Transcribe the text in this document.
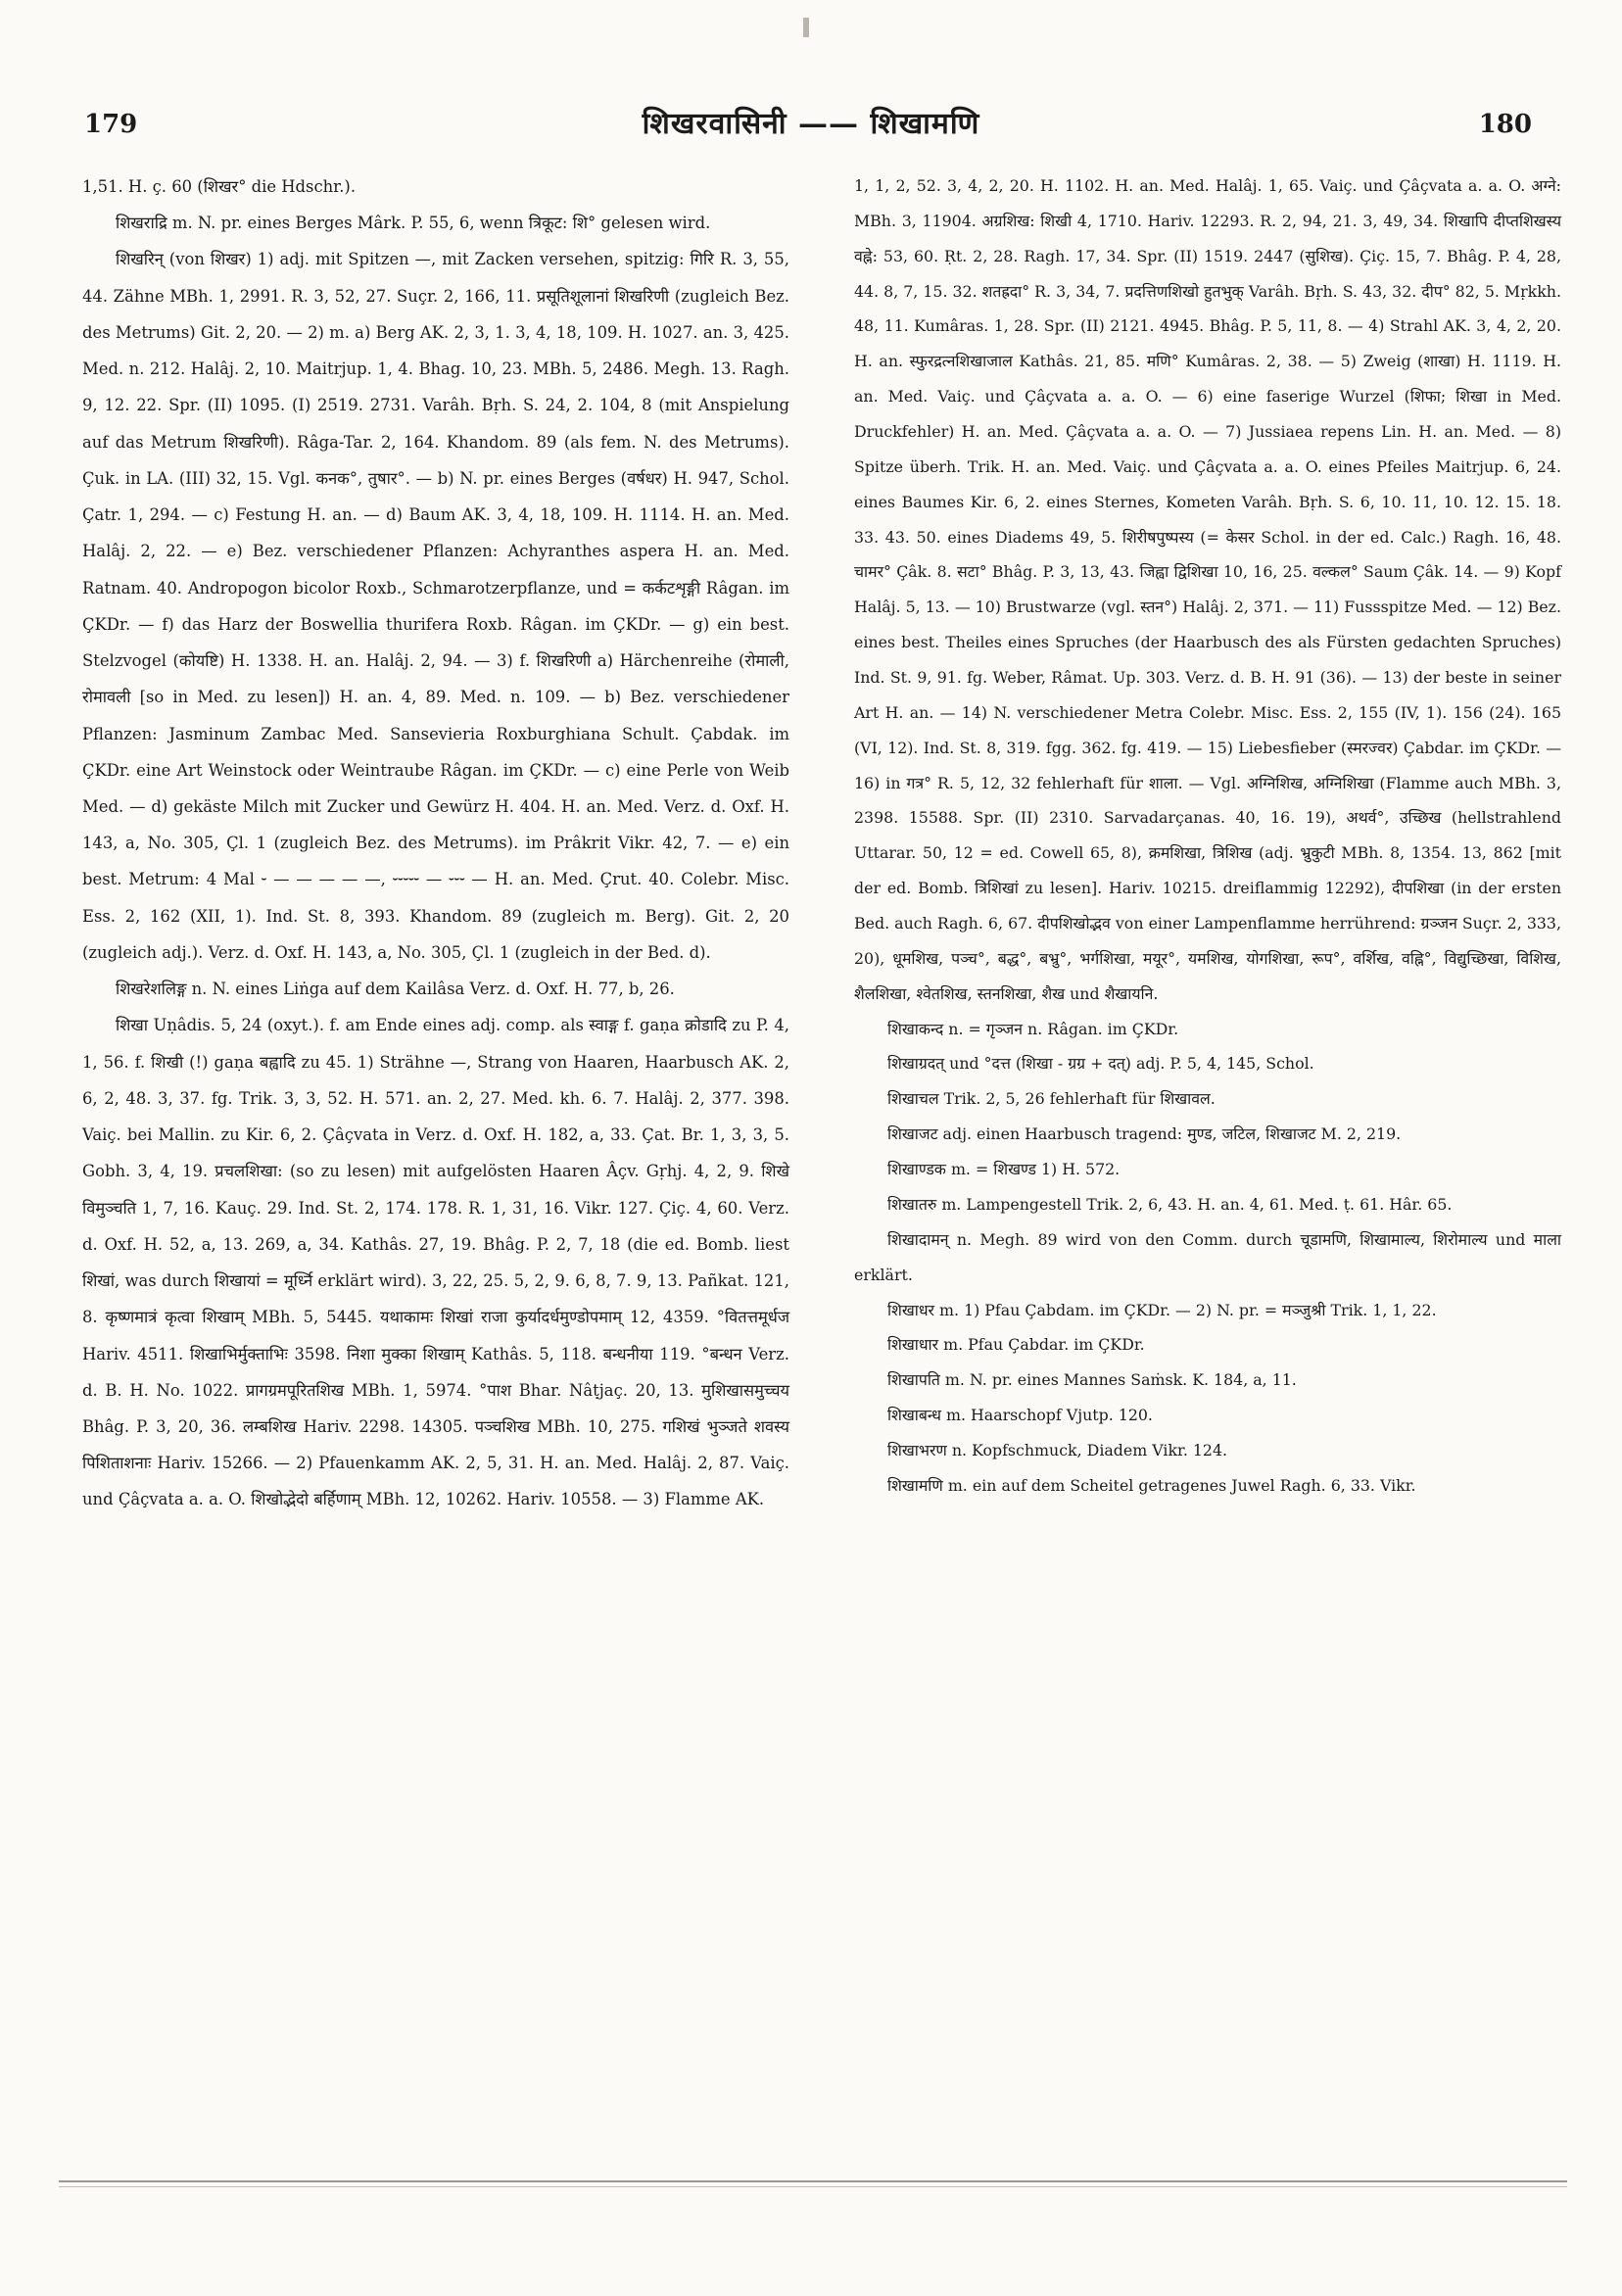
179	शिखरवासिनी —— शिखामणि	180

1,51. H. ç. 60 (शिखर° die Hdschr.).

शिखराद्रि m. N. pr. eines Berges Mârk. P. 55, 6, wenn त्रिकूट: शि° gelesen wird.

शिखरिन् (von शिखर) 1) adj. mit Spitzen —, mit Zacken versehen, spitzig: गिरि R. 3, 55, 44. Zähne MBh. 1, 2991. R. 3, 52, 27. Suçr. 2, 166, 11. प्रसूतिशूलानां शिखरिणी (zugleich Bez. des Metrums) Git. 2, 20. — 2) m. a) Berg AK. 2, 3, 1. 3, 4, 18, 109. H. 1027. an. 3, 425. Med. n. 212. Halâj. 2, 10. Maitrjup. 1, 4. Bhag. 10, 23. MBh. 5, 2486. Megh. 13. Ragh. 9, 12. 22. Spr. (II) 1095. (I) 2519. 2731. Varâh. Bṛh. S. 24, 2. 104, 8 (mit Anspielung auf das Metrum शिखरिणी). Râga-Tar. 2, 164. Khandom. 89 (als fem. N. des Metrums). Çuk. in LA. (III) 32, 15. Vgl. कनक°, तुषार°. — b) N. pr. eines Berges (वर्षधर) H. 947, Schol. Çatr. 1, 294. — c) Festung H. an. — d) Baum AK. 3, 4, 18, 109. H. 1114. H. an. Med. Halâj. 2, 22. — e) Bez. verschiedener Pflanzen: Achyranthes aspera H. an. Med. Ratnam. 40. Andropogon bicolor Roxb., Schmarotzerpflanze, und = कर्कटशृङ्गी Râgan. im ÇKDr. — f) das Harz der Boswellia thurifera Roxb. Râgan. im ÇKDr. — g) ein best. Stelzvogel (कोयष्टि) H. 1338. H. an. Halâj. 2, 94. — 3) f. शिखरिणी a) Härchenreihe (रोमाली, रोमावली [so in Med. zu lesen]) H. an. 4, 89. Med. n. 109. — b) Bez. verschiedener Pflanzen: Jasminum Zambac Med. Sansevieria Roxburghiana Schult. Çabdak. im ÇKDr. eine Art Weinstock oder Weintraube Râgan. im ÇKDr. — c) eine Perle von Weib Med. — d) gekäste Milch mit Zucker und Gewürz H. 404. H. an. Med. Verz. d. Oxf. H. 143, a, No. 305, Çl. 1 (zugleich Bez. des Metrums). im Prâkrit Vikr. 42, 7. — e) ein best. Metrum: 4 Mal ⏑ — — — — —, ⏑⏑⏑⏑⏑ — ⏑⏑⏑ — H. an. Med. Çrut. 40. Colebr. Misc. Ess. 2, 162 (XII, 1). Ind. St. 8, 393. Khandom. 89 (zugleich m. Berg). Git. 2, 20 (zugleich adj.). Verz. d. Oxf. H. 143, a, No. 305, Çl. 1 (zugleich in der Bed. d).

शिखरेशलिङ्ग n. N. eines Liṅga auf dem Kailâsa Verz. d. Oxf. H. 77, b, 26.

शिखा Uṇâdis. 5, 24 (oxyt.). f. am Ende eines adj. comp. als स्वाङ्ग f. gaṇa क्रोडादि zu P. 4, 1, 56. f. शिखी (!) gaṇa बह्वादि zu 45. 1) Strähne —, Strang von Haaren, Haarbusch AK. 2, 6, 2, 48. 3, 37. fg. Trik. 3, 3, 52. H. 571. an. 2, 27. Med. kh. 6. 7. Halâj. 2, 377. 398. Vaiç. bei Mallin. zu Kir. 6, 2. Çâçvata in Verz. d. Oxf. H. 182, a, 33. Çat. Br. 1, 3, 3, 5. Gobh. 3, 4, 19. प्रचलशिखा: (so zu lesen) mit aufgelösten Haaren Âçv. Gṛhj. 4, 2, 9. शिखे विमुञ्चति 1, 7, 16. Kauç. 29. Ind. St. 2, 174. 178. R. 1, 31, 16. Vikr. 127. Çiç. 4, 60. Verz. d. Oxf. H. 52, a, 13. 269, a, 34. Kathâs. 27, 19. Bhâg. P. 2, 7, 18 (die ed. Bomb. liest शिखां, was durch शिखायां = मूर्ध्नि erklärt wird). 3, 22, 25. 5, 2, 9. 6, 8, 7. 9, 13. Pañkat. 121, 8. कृष्णमात्रं कृत्वा शिखाम् MBh. 5, 5445. यथाकामः शिखां राजा कुर्यादर्धमुण्डोपमाम् 12, 4359. °वितत्तमूर्धज Hariv. 4511. शिखाभिर्मुक्ताभिः 3598. निशा मुक्का शिखाम् Kathâs. 5, 118. बन्धनीया 119. °बन्धन Verz. d. B. H. No. 1022. प्रागग्रमपूरितशिख MBh. 1, 5974. °पाश Bhar. Nâṭjaç. 20, 13. मुशिखासमुच्चय Bhâg. P. 3, 20, 36. लम्बशिख Hariv. 2298. 14305. पञ्चशिख MBh. 10, 275. गशिखं भुञ्जते शवस्य पिशिताशनाः Hariv. 15266. — 2) Pfauenkamm AK. 2, 5, 31. H. an. Med. Halâj. 2, 87. Vaiç. und Çâçvata a. a. O. शिखोद्भेदो बर्हिणाम् MBh. 12, 10262. Hariv. 10558. — 3) Flamme AK.

1, 1, 2, 52. 3, 4, 2, 20. H. 1102. H. an. Med. Halâj. 1, 65. Vaiç. und Çâçvata a. a. O. अग्ने: MBh. 3, 11904. अग्रशिख: शिखी 4, 1710. Hariv. 12293. R. 2, 94, 21. 3, 49, 34. शिखापि दीप्तशिखस्य वह्ने: 53, 60. Ṛt. 2, 28. Ragh. 17, 34. Spr. (II) 1519. 2447 (सुशिख). Çiç. 15, 7. Bhâg. P. 4, 28, 44. 8, 7, 15. 32. शतह्रदा° R. 3, 34, 7. प्रदत्तिणशिखो हुतभुक् Varâh. Bṛh. S. 43, 32. दीप° 82, 5. Mṛkkh. 48, 11. Kumâras. 1, 28. Spr. (II) 2121. 4945. Bhâg. P. 5, 11, 8. — 4) Strahl AK. 3, 4, 2, 20. H. an. स्फुरद्रत्नशिखाजाल Kathâs. 21, 85. मणि° Kumâras. 2, 38. — 5) Zweig (शाखा) H. 1119. H. an. Med. Vaiç. und Çâçvata a. a. O. — 6) eine faserige Wurzel (शिफा; शिखा in Med. Druckfehler) H. an. Med. Çâçvata a. a. O. — 7) Jussiaea repens Lin. H. an. Med. — 8) Spitze überh. Trik. H. an. Med. Vaiç. und Çâçvata a. a. O. eines Pfeiles Maitrjup. 6, 24. eines Baumes Kir. 6, 2. eines Sternes, Kometen Varâh. Bṛh. S. 6, 10. 11, 10. 12. 15. 18. 33. 43. 50. eines Diadems 49, 5. शिरीषपुष्पस्य (= केसर Schol. in der ed. Calc.) Ragh. 16, 48. चामर° Çâk. 8. सटा° Bhâg. P. 3, 13, 43. जिह्वा द्विशिखा 10, 16, 25. वल्कल° Saum Çâk. 14. — 9) Kopf Halâj. 5, 13. — 10) Brustwarze (vgl. स्तन°) Halâj. 2, 371. — 11) Fussspitze Med. — 12) Bez. eines best. Theiles eines Spruches (der Haarbusch des als Fürsten gedachten Spruches) Ind. St. 9, 91. fg. Weber, Râmat. Up. 303. Verz. d. B. H. 91 (36). — 13) der beste in seiner Art H. an. — 14) N. verschiedener Metra Colebr. Misc. Ess. 2, 155 (IV, 1). 156 (24). 165 (VI, 12). Ind. St. 8, 319. fgg. 362. fg. 419. — 15) Liebesfieber (स्मरज्वर) Çabdar. im ÇKDr. — 16) in गत्र° R. 5, 12, 32 fehlerhaft für शाला. — Vgl. अग्निशिख, अग्निशिखा (Flamme auch MBh. 3, 2398. 15588. Spr. (II) 2310. Sarvadarçanas. 40, 16. 19), अथर्व°, उच्छिख (hellstrahlend Uttarar. 50, 12 = ed. Cowell 65, 8), क्रमशिखा, त्रिशिख (adj. भ्रुकुटी MBh. 8, 1354. 13, 862 [mit der ed. Bomb. त्रिशिखां zu lesen]. Hariv. 10215. dreiflammig 12292), दीपशिखा (in der ersten Bed. auch Ragh. 6, 67. दीपशिखोद्भव von einer Lampenflamme herrührend: ग्रञ्जन Suçr. 2, 333, 20), धूमशिख, पञ्च°, बद्ध°, बभ्रु°, भर्गशिखा, मयूर°, यमशिख, योगशिखा, रूप°, वर्शिख, वह्नि°, विद्युच्छिखा, विशिख, शैलशिखा, श्वेतशिख, स्तनशिखा, शैख und शैखायनि.

शिखाकन्द n. = गृञ्जन n. Râgan. im ÇKDr.

शिखाग्रदत् und °दत्त (शिखा - ग्रग्र + दत्) adj. P. 5, 4, 145, Schol.

शिखाचल Trik. 2, 5, 26 fehlerhaft für शिखावल.

शिखाजट adj. einen Haarbusch tragend: मुण्ड, जटिल, शिखाजट M. 2, 219.

शिखाण्डक m. = शिखण्ड 1) H. 572.

शिखातरु m. Lampengestell Trik. 2, 6, 43. H. an. 4, 61. Med. ṭ. 61. Hâr. 65.

शिखादामन् n. Megh. 89 wird von den Comm. durch चूडामणि, शिखामाल्य, शिरोमाल्य und माला erklärt.

शिखाधर m. 1) Pfau Çabdam. im ÇKDr. — 2) N. pr. = मञ्जुश्री Trik. 1, 1, 22.

शिखाधार m. Pfau Çabdar. im ÇKDr.

शिखापति m. N. pr. eines Mannes Saṁsk. K. 184, a, 11.

शिखाबन्ध m. Haarschopf Vjutp. 120.

शिखाभरण n. Kopfschmuck, Diadem Vikr. 124.

शिखामणि m. ein auf dem Scheitel getragenes Juwel Ragh. 6, 33. Vikr.
